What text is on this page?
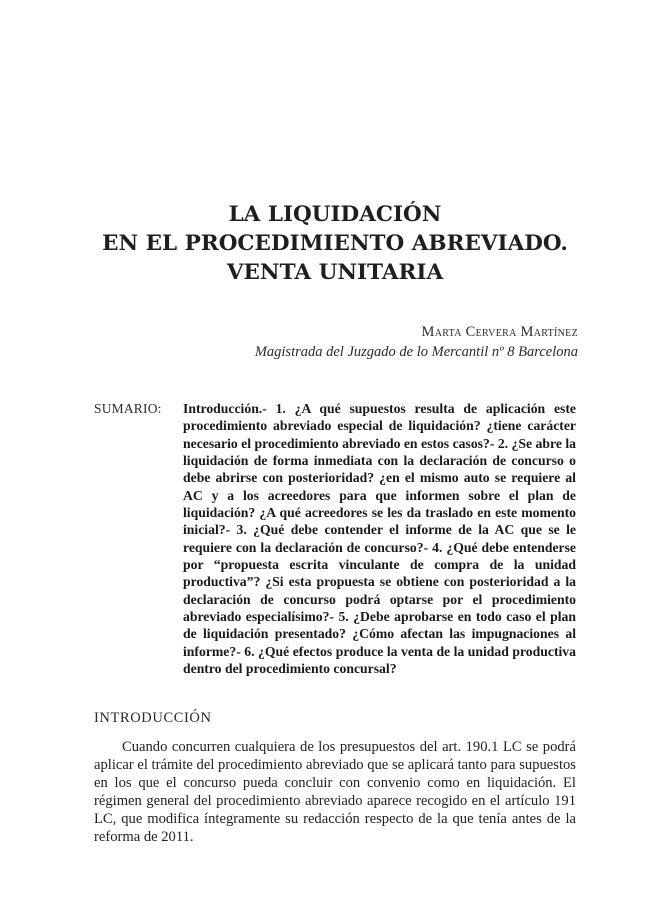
LA LIQUIDACIÓN
EN EL PROCEDIMIENTO ABREVIADO.
VENTA UNITARIA
Marta Cervera Martínez
Magistrada del Juzgado de lo Mercantil nº 8 Barcelona
SUMARIO: Introducción.- 1. ¿A qué supuestos resulta de aplicación este procedimiento abreviado especial de liquidación? ¿tiene carácter necesario el procedimiento abreviado en estos casos?- 2. ¿Se abre la liquidación de forma inmediata con la declaración de concurso o debe abrirse con posterioridad? ¿en el mismo auto se requiere al AC y a los acreedores para que informen sobre el plan de liquidación? ¿A qué acreedores se les da traslado en este momento inicial?- 3. ¿Qué debe contender el informe de la AC que se le requiere con la declaración de concurso?- 4. ¿Qué debe entenderse por “propuesta escrita vinculante de compra de la unidad productiva”? ¿Si esta propuesta se obtiene con posterioridad a la declaración de concurso podrá optarse por el procedimiento abreviado especialísimo?- 5. ¿Debe aprobarse en todo caso el plan de liquidación presentado? ¿Cómo afectan las impugnaciones al informe?- 6. ¿Qué efectos produce la venta de la unidad productiva dentro del procedimiento concursal?
INTRODUCCIÓN
Cuando concurren cualquiera de los presupuestos del art. 190.1 LC se podrá aplicar el trámite del procedimiento abreviado que se aplicará tanto para supuestos en los que el concurso pueda concluir con convenio como en liquidación. El régimen general del procedimiento abreviado aparece recogido en el artículo 191 LC, que modifica íntegramente su redacción respecto de la que tenía antes de la reforma de 2011.
